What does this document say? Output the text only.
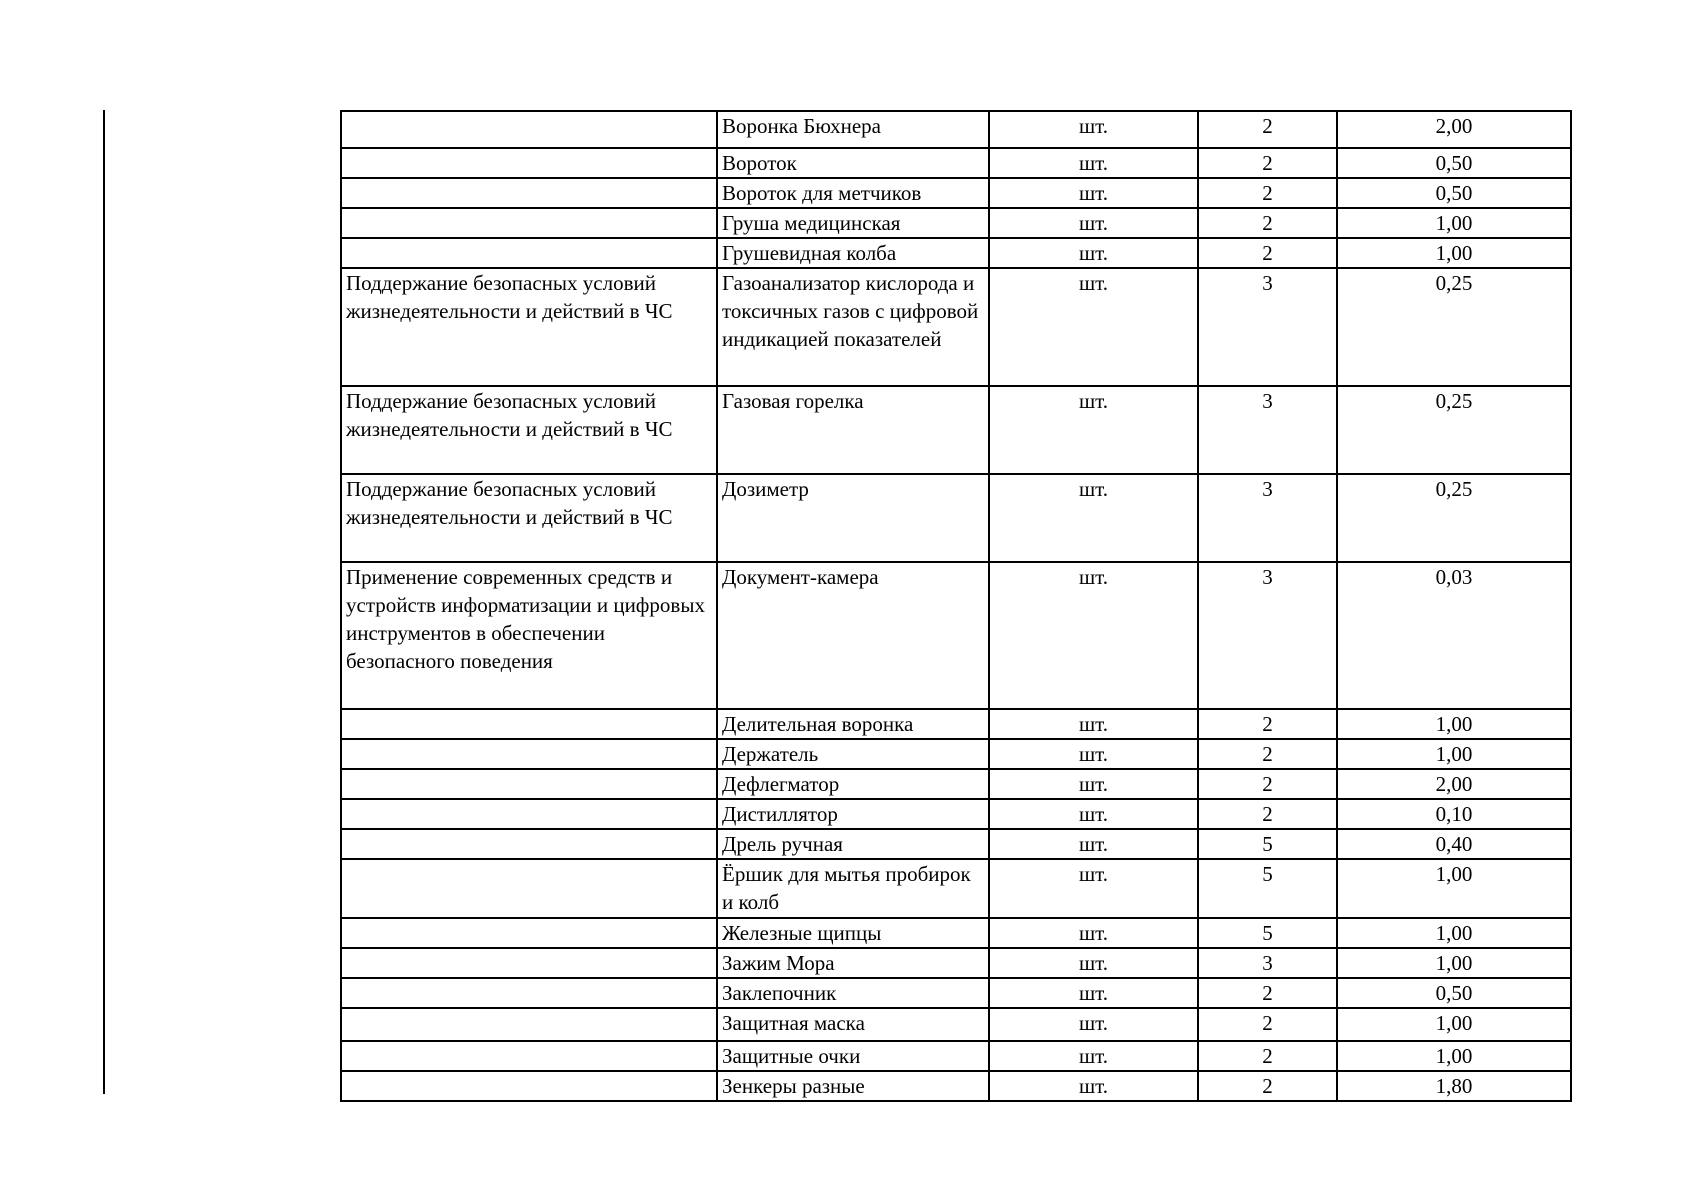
	Воронка Бюхнера	шт.	2	2,00
	Вороток	шт.	2	0,50
	Вороток для метчиков	шт.	2	0,50
	Груша медицинская	шт.	2	1,00
	Грушевидная колба	шт.	2	1,00
Поддержание безопасных условий жизнедеятельности и действий в ЧС	Газоанализатор кислорода и токсичных газов с цифровой индикацией показателей	шт.	3	0,25
Поддержание безопасных условий жизнедеятельности и действий в ЧС	Газовая горелка	шт.	3	0,25
Поддержание безопасных условий жизнедеятельности и действий в ЧС	Дозиметр	шт.	3	0,25
Применение современных средств и устройств информатизации и цифровых инструментов в обеспечении безопасного поведения	Документ-камера	шт.	3	0,03
	Делительная воронка	шт.	2	1,00
	Держатель	шт.	2	1,00
	Дефлегматор	шт.	2	2,00
	Дистиллятор	шт.	2	0,10
	Дрель ручная	шт.	5	0,40
	Ёршик для мытья пробирок и колб	шт.	5	1,00
	Железные щипцы	шт.	5	1,00
	Зажим Мора	шт.	3	1,00
	Заклепочник	шт.	2	0,50
	Защитная маска	шт.	2	1,00
	Защитные очки	шт.	2	1,00
	Зенкеры разные	шт.	2	1,80
